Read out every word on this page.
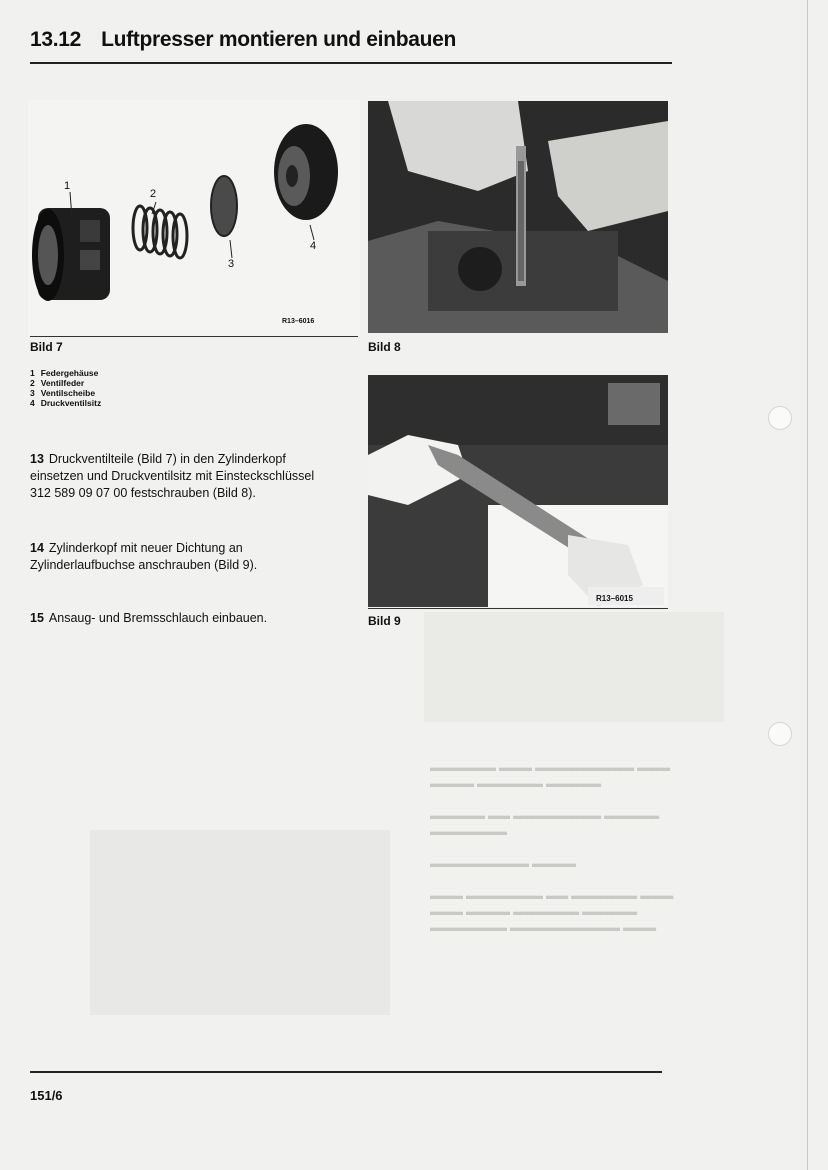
▬▬▬▬▬▬ ▬▬▬ ▬▬▬▬▬▬▬▬▬ ▬▬▬
▬▬▬▬ ▬▬▬▬▬▬ ▬▬▬▬▬

▬▬▬▬▬ ▬▬ ▬▬▬▬▬▬▬▬ ▬▬▬▬▬
▬▬▬▬▬▬▬

▬▬▬▬▬▬▬▬▬ ▬▬▬▬

▬▬▬ ▬▬▬▬▬▬▬ ▬▬ ▬▬▬▬▬▬ ▬▬▬
▬▬▬ ▬▬▬▬ ▬▬▬▬▬▬ ▬▬▬▬▬
▬▬▬▬▬▬▬ ▬▬▬▬▬▬▬▬▬▬ ▬▬▬
13.12 Luftpresser montieren und einbauen
1
2
3
4
R13–6016
Bild 7
1 Federgehäuse
2 Ventilfeder
3 Ventilscheibe
4 Druckventilsitz
Bild 8
R13–6015
Bild 9
13 Druckventilteile (Bild 7) in den Zylinderkopf einsetzen und Druckventilsitz mit Einsteckschlüssel 312 589 09 07 00 festschrauben (Bild 8).
14 Zylinderkopf mit neuer Dichtung an Zylinderlaufbuchse anschrauben (Bild 9).
15 Ansaug- und Bremsschlauch einbauen.
151/6
